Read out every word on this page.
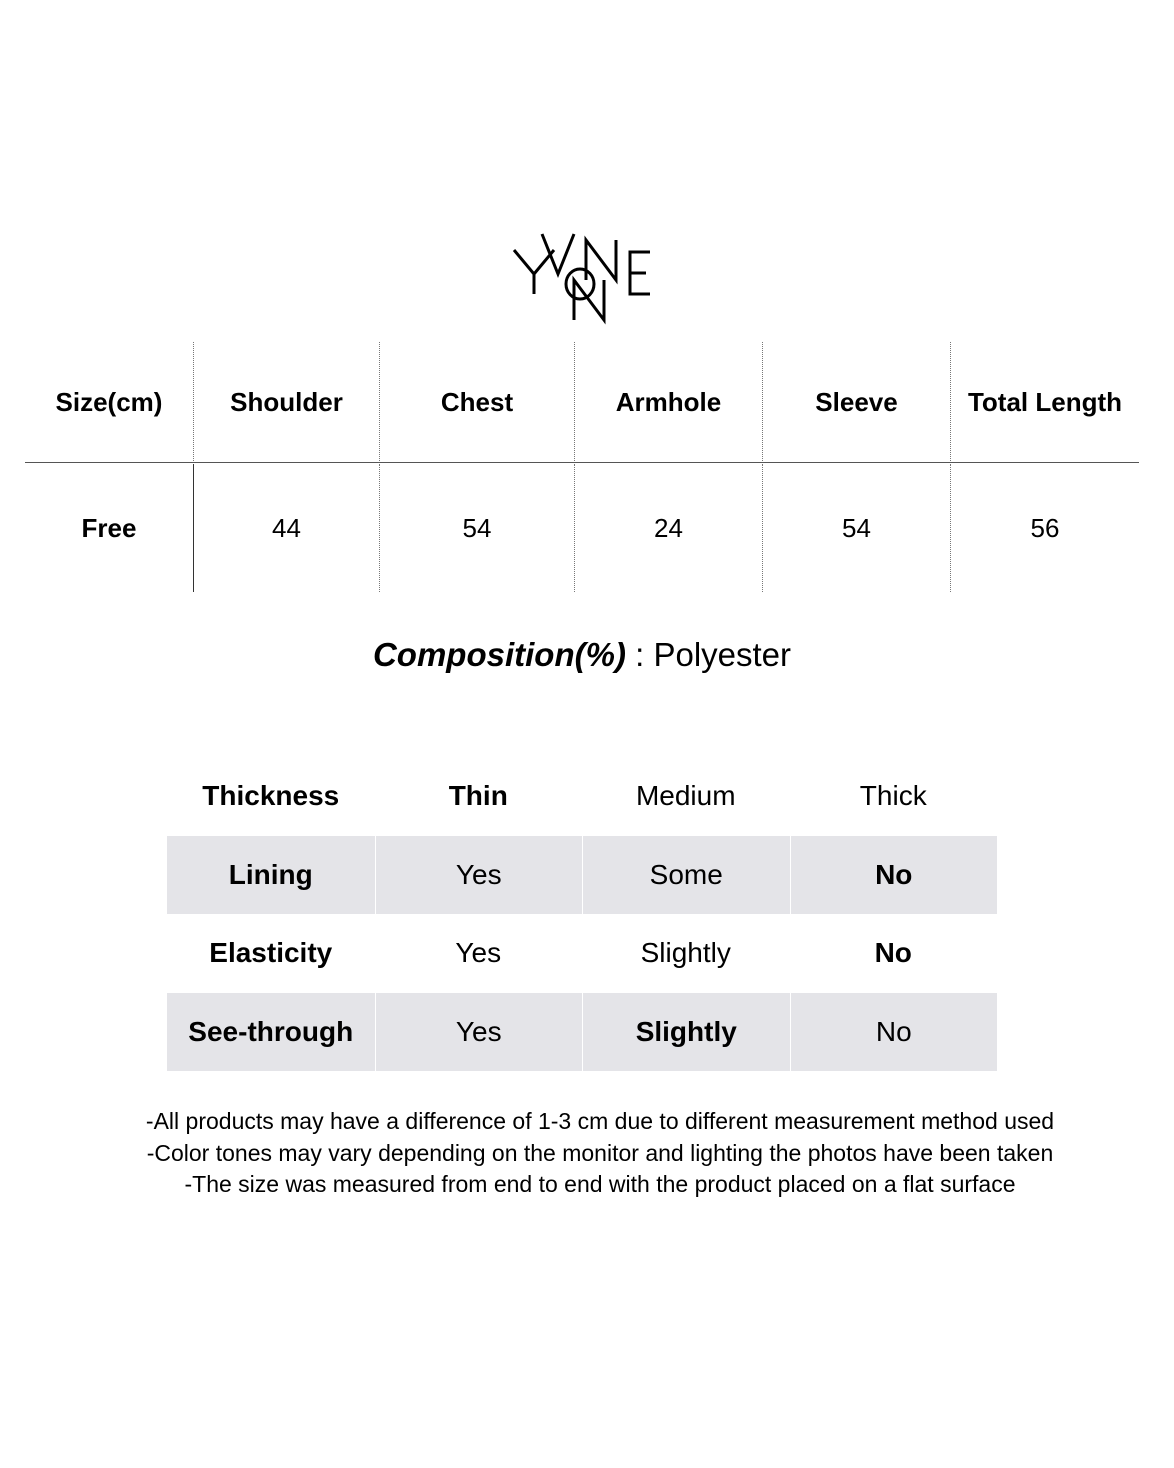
Size(cm)	Shoulder	Chest	Armhole	Sleeve	Total Length
Free	44	54	24	54	56
Composition(%) : Polyester
Thickness	Thin	Medium	Thick
Lining	Yes	Some	No
Elasticity	Yes	Slightly	No
See-through	Yes	Slightly	No
-All products may have a difference of 1-3 cm due to different measurement method used
-Color tones may vary depending on the monitor and lighting the photos have been taken
-The size was measured from end to end with the product placed on a flat surface
